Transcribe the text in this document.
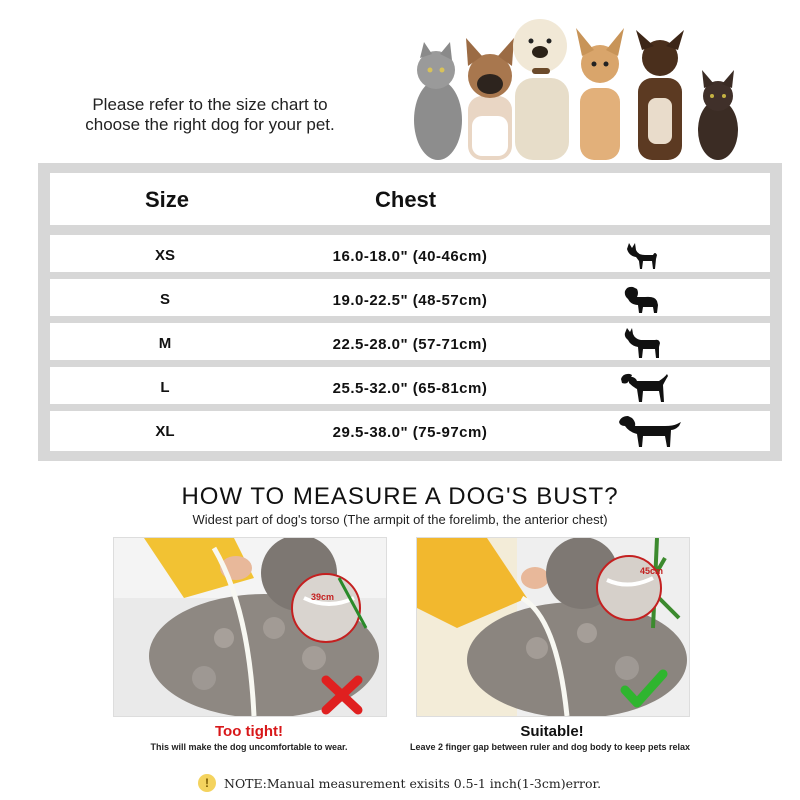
Please refer to the size chart to
choose the right dog for your pet.
Size	Chest
XS	16.0-18.0" (40-46cm)
S	19.0-22.5" (48-57cm)
M	22.5-28.0" (57-71cm)
L	25.5-32.0" (65-81cm)
XL	29.5-38.0" (75-97cm)
HOW TO MEASURE A DOG'S BUST?
Widest part of dog's torso (The armpit of the forelimb, the anterior chest)
39cm
45cm
Too tight!
This will make the dog uncomfortable to wear.
Suitable!
Leave 2 finger gap between ruler and dog body to keep pets relax
!	NOTE:Manual measurement exisits 0.5-1 inch(1-3cm)error.
